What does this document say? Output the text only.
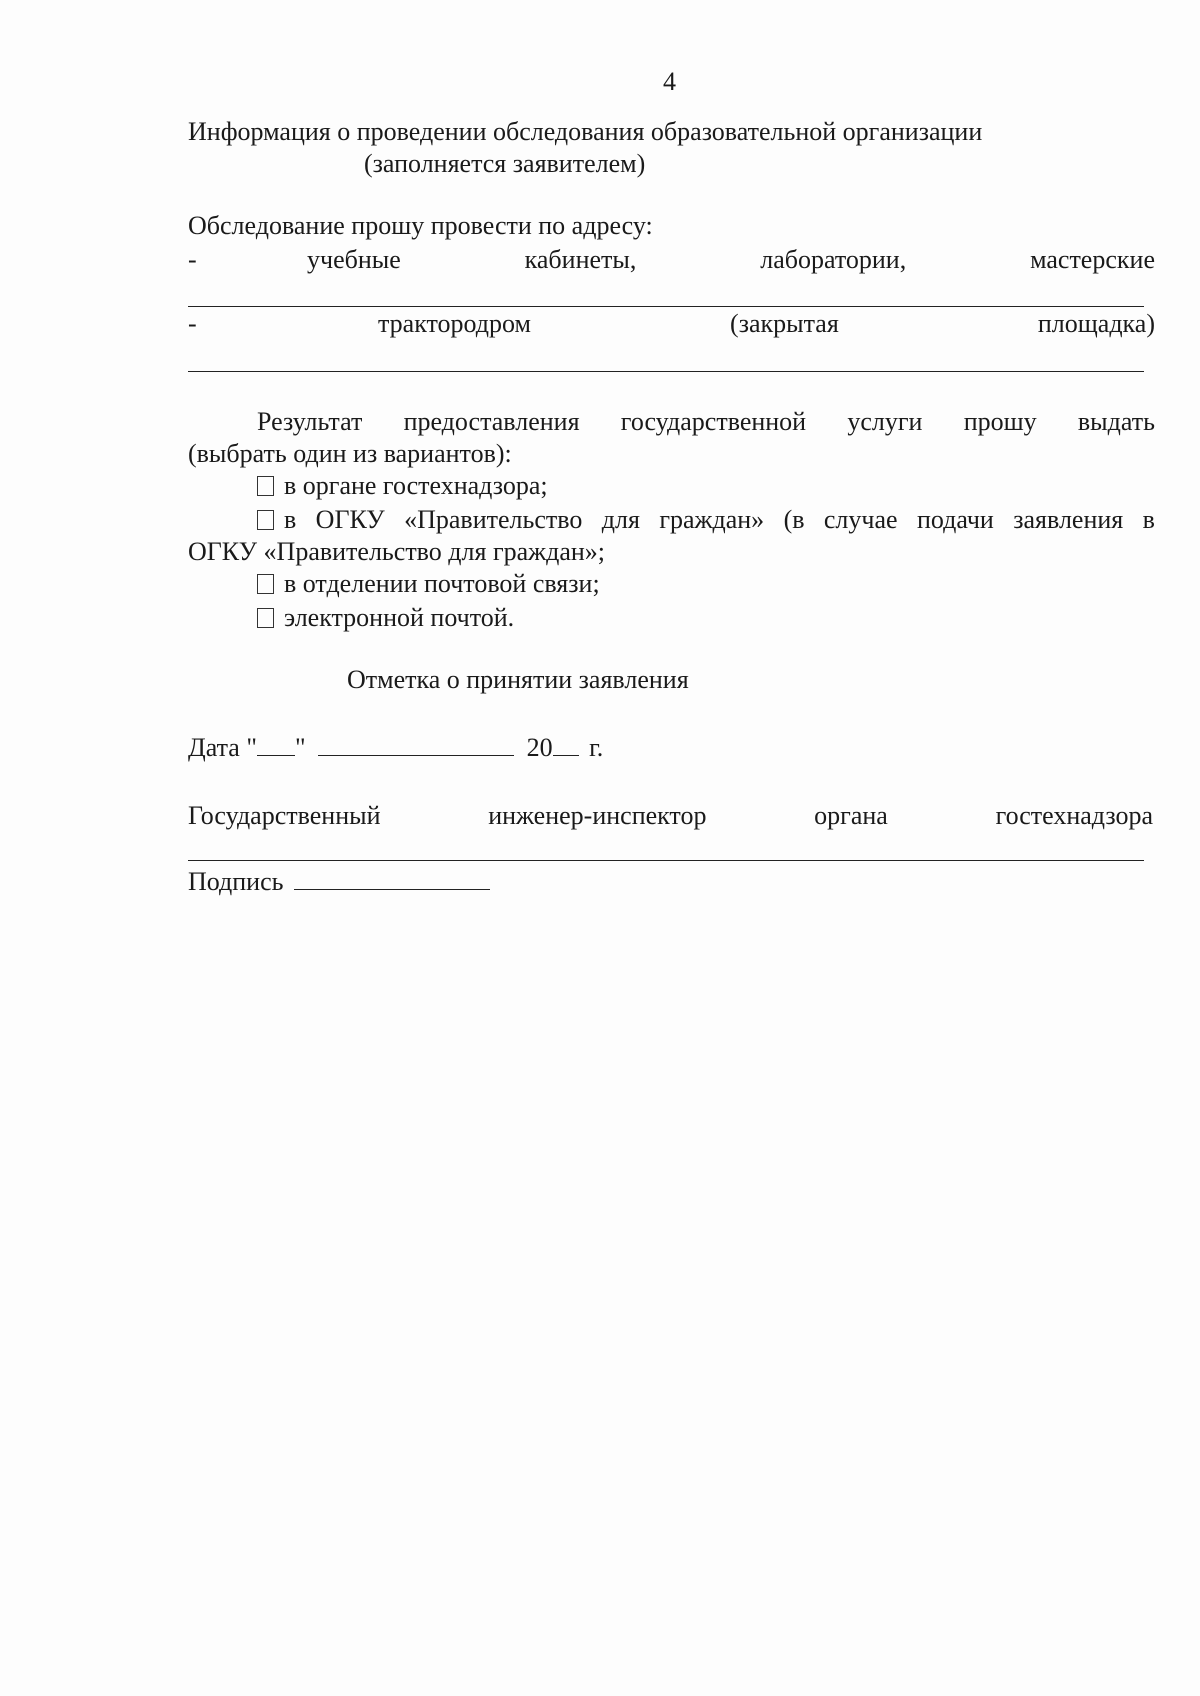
4
Информация о проведении обследования образовательной организации
(заполняется заявителем)
Обследование прошу провести по адресу:
-	учебные	кабинеты,	лаборатории,	мастерские
-	трактородром	(закрытая	площадка)
Результат предоставления государственной услуги прошу выдать
(выбрать один из вариантов):
в органе гостехнадзора;
в ОГКУ «Правительство для граждан» (в случае подачи заявления в
ОГКУ «Правительство для граждан»;
в отделении почтовой связи;
электронной почтой.
Отметка о принятии заявления
Дата " "	20 г.
Государственный	инженер-инспектор	органа	гостехнадзора
Подпись
